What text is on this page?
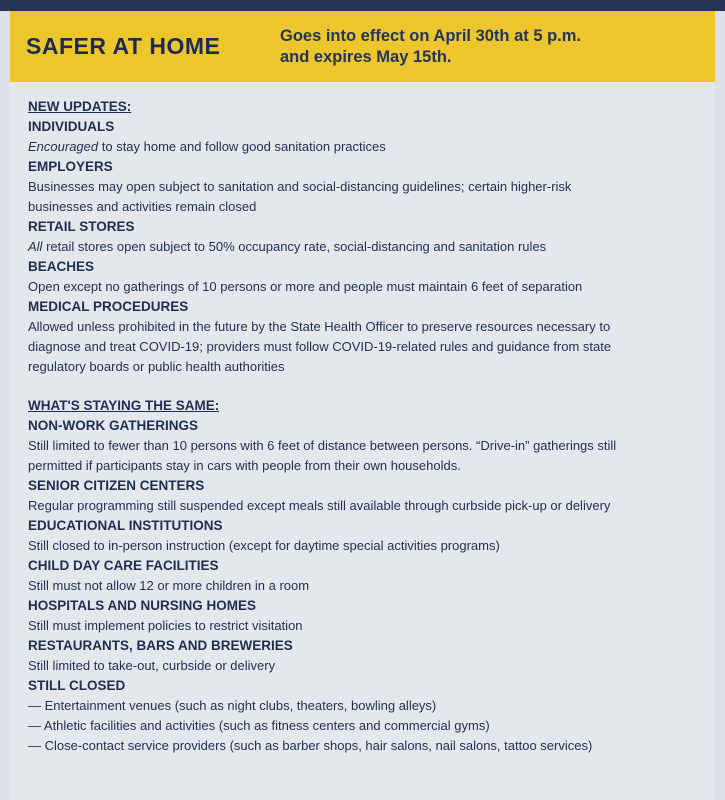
SAFER AT HOME	Goes into effect on April 30th at 5 p.m.
and expires May 15th.
NEW UPDATES:
INDIVIDUALS
Encouraged to stay home and follow good sanitation practices
EMPLOYERS
Businesses may open subject to sanitation and social-distancing guidelines; certain higher-risk
businesses and activities remain closed
RETAIL STORES
All retail stores open subject to 50% occupancy rate, social-distancing and sanitation rules
BEACHES
Open except no gatherings of 10 persons or more and people must maintain 6 feet of separation
MEDICAL PROCEDURES
Allowed unless prohibited in the future by the State Health Officer to preserve resources necessary to
diagnose and treat COVID-19; providers must follow COVID-19-related rules and guidance from state
regulatory boards or public health authorities
WHAT'S STAYING THE SAME:
NON-WORK GATHERINGS
Still limited to fewer than 10 persons with 6 feet of distance between persons. “Drive-in” gatherings still
permitted if participants stay in cars with people from their own households.
SENIOR CITIZEN CENTERS
Regular programming still suspended except meals still available through curbside pick-up or delivery
EDUCATIONAL INSTITUTIONS
Still closed to in-person instruction (except for daytime special activities programs)
CHILD DAY CARE FACILITIES
Still must not allow 12 or more children in a room
HOSPITALS AND NURSING HOMES
Still must implement policies to restrict visitation
RESTAURANTS, BARS AND BREWERIES
Still limited to take-out, curbside or delivery
STILL CLOSED
— Entertainment venues (such as night clubs, theaters, bowling alleys)
— Athletic facilities and activities (such as fitness centers and commercial gyms)
— Close-contact service providers (such as barber shops, hair salons, nail salons, tattoo services)
